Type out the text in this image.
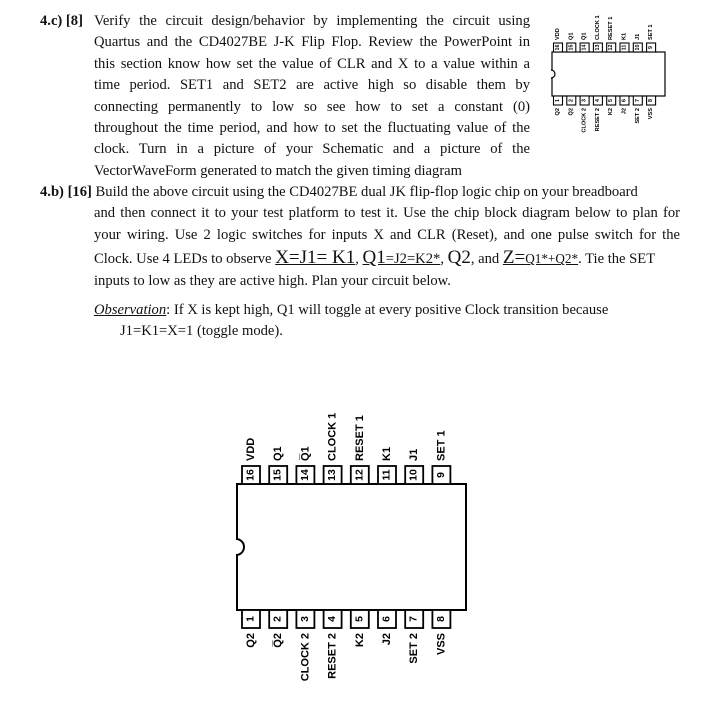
4.c) [8] Verify the circuit design/behavior by implementing the circuit using
Quartus and the CD4027BE J-K Flip Flop. Review the PowerPoint in
this section know how set the value of CLR and X to a value within a
time period. SET1 and SET2 are active high so disable them by
connecting permanently to low so see how to set a constant (0)
throughout the time period, and how to set the fluctuating value of the
clock. Turn in a picture of your Schematic and a picture of the
VectorWaveForm generated to match the given timing diagram
4.b) [16] Build the above circuit using the CD4027BE dual JK flip-flop logic chip on your breadboard
and then connect it to your test platform to test it. Use the chip block diagram below to plan for
your wiring. Use 2 logic switches for inputs X and CLR (Reset), and one pulse switch for the
Clock. Use 4 LEDs to observe X=J1= K1, Q1=J2=K2*, Q2, and Z=Q1*+Q2*. Tie the SET
inputs to low as they are active high. Plan your circuit below.
Observation: If X is kept high, Q1 will toggle at every positive Clock transition because
J1=K1=X=1 (toggle mode).
16
VDD
15
Q1
14
Q̅1
13
CLOCK 1
12
RESET 1
11
K1
10
J1
9
SET 1
1
Q2
2
Q̅2
3
CLOCK 2
4
RESET 2
5
K2
6
J2
7
SET 2
8
VSS
16
VDD
15
Q1
14
Q̅1
13
CLOCK 1
12
RESET 1
11
K1
10
J1
9
SET 1
1
Q2
2
Q̅2
3
CLOCK 2
4
RESET 2
5
K2
6
J2
7
SET 2
8
VSS
